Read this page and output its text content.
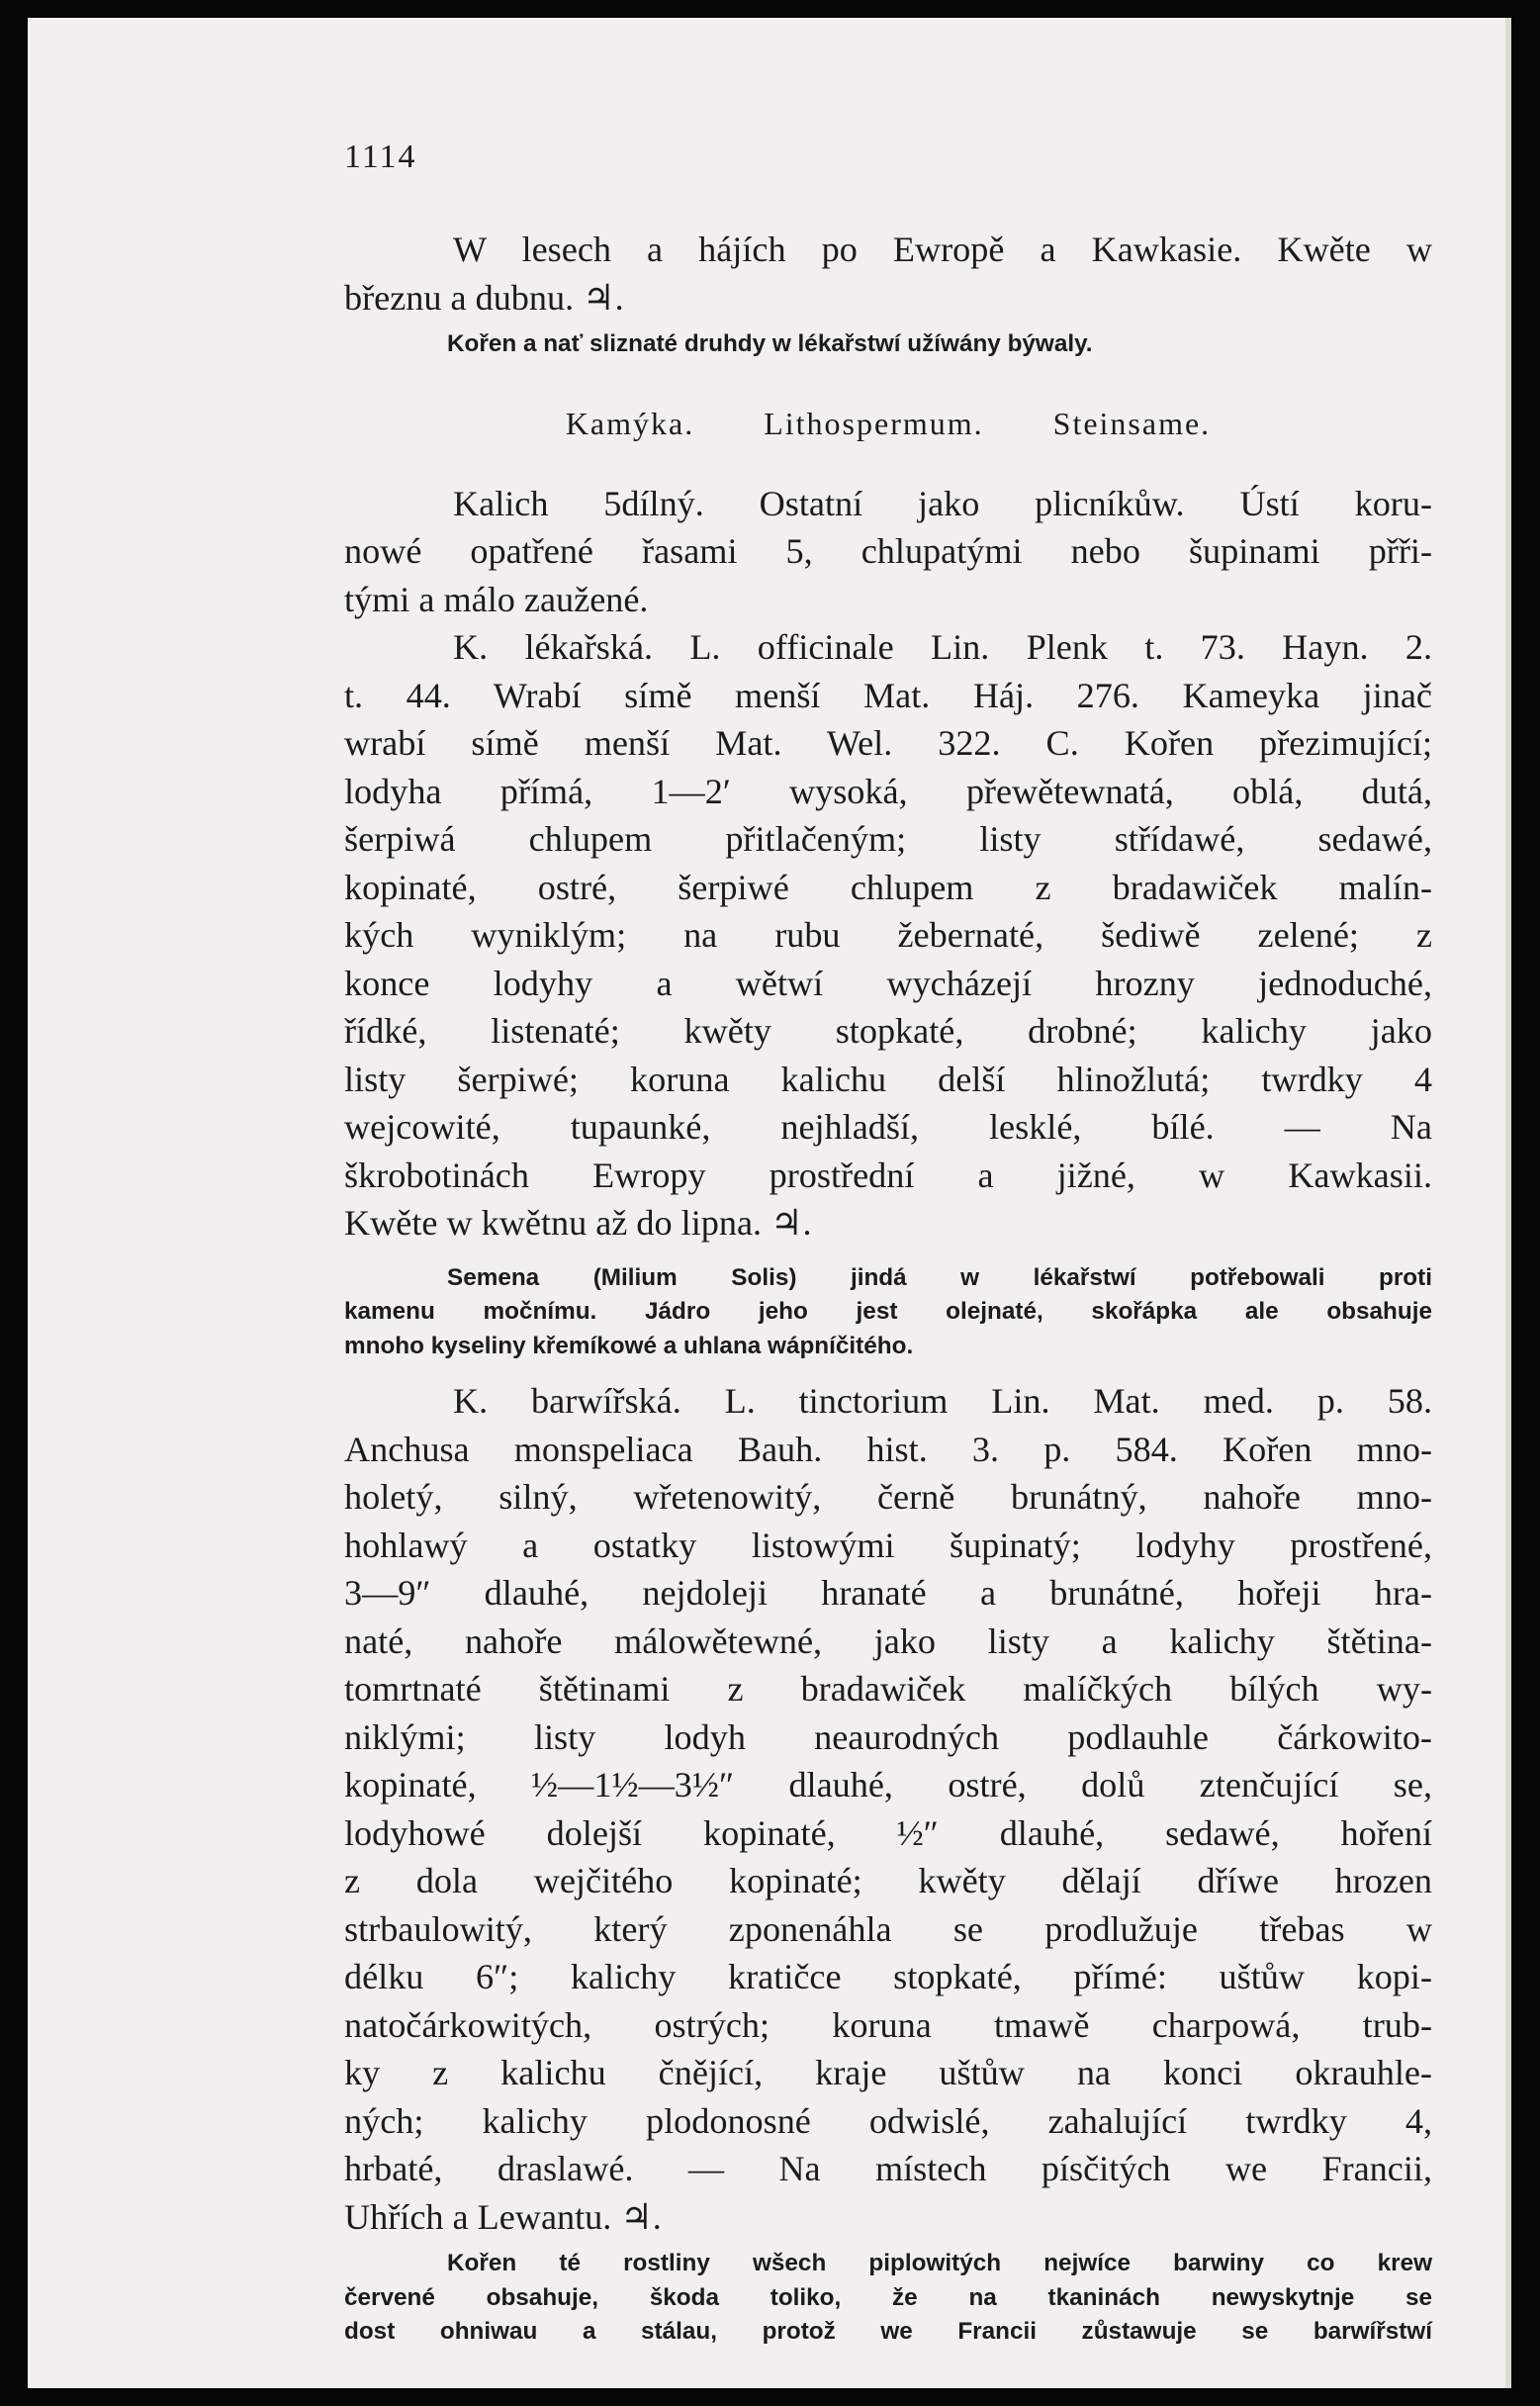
1114

W lesech a hájích po Ewropě a Kawkasie. Kwěte w

březnu a dubnu. ♃.

Kořen a nať sliznaté druhdy w lékařstwí užíwány býwaly.

Kamýka. Lithospermum. Steinsame.

Kalich 5dílný. Ostatní jako plicníkůw. Ústí koru-

nowé opatřené řasami 5, chlupatými nebo šupinami přři-

tými a málo zaužené.

K. lékařská. L. officinale Lin. Plenk t. 73. Hayn. 2.

t. 44. Wrabí símě menší Mat. Háj. 276. Kameyka jinač

wrabí símě menší Mat. Wel. 322. C. Kořen přezimující;

lodyha přímá, 1—2′ wysoká, přewětewnatá, oblá, dutá,

šerpiwá chlupem přitlačeným; listy střídawé, sedawé,

kopinaté, ostré, šerpiwé chlupem z bradawiček malín-

kých wyniklým; na rubu žebernaté, šediwě zelené; z

konce lodyhy a wětwí wycházejí hrozny jednoduché,

řídké, listenaté; kwěty stopkaté, drobné; kalichy jako

listy šerpiwé; koruna kalichu delší hlinožlutá; twrdky 4

wejcowité, tupaunké, nejhladší, lesklé, bílé. — Na

škrobotinách Ewropy prostřední a jižné, w Kawkasii.

Kwěte w kwětnu až do lipna. ♃.

Semena (Milium Solis) jindá w lékařstwí potřebowali proti

kamenu močnímu. Jádro jeho jest olejnaté, skořápka ale obsahuje

mnoho kyseliny křemíkowé a uhlana wápníčitého.

K. barwířská. L. tinctorium Lin. Mat. med. p. 58.

Anchusa monspeliaca Bauh. hist. 3. p. 584. Kořen mno-

holetý, silný, wřetenowitý, černě brunátný, nahoře mno-

hohlawý a ostatky listowými šupinatý; lodyhy prostřené,

3—9″ dlauhé, nejdoleji hranaté a brunátné, hořeji hra-

naté, nahoře málowětewné, jako listy a kalichy štětina-

tomrtnaté štětinami z bradawiček malíčkých bílých wy-

niklými; listy lodyh neaurodných podlauhle čárkowito-

kopinaté, ½—1½—3½″ dlauhé, ostré, dolů ztenčující se,

lodyhowé dolejší kopinaté, ½″ dlauhé, sedawé, hoření

z dola wejčitého kopinaté; kwěty dělají dříwe hrozen

strbaulowitý, který zponenáhla se prodlužuje třebas w

délku 6″; kalichy kratičce stopkaté, přímé: uštůw kopi-

natočárkowitých, ostrých; koruna tmawě charpowá, trub-

ky z kalichu čnějící, kraje uštůw na konci okrauhle-

ných; kalichy plodonosné odwislé, zahalující twrdky 4,

hrbaté, draslawé. — Na místech písčitých we Francii,

Uhřích a Lewantu. ♃.

Kořen té rostliny wšech piplowitých nejwíce barwiny co krew

červené obsahuje, škoda toliko, že na tkaninách newyskytnje se

dost ohniwau a stálau, protož we Francii zůstawuje se barwířstwí
